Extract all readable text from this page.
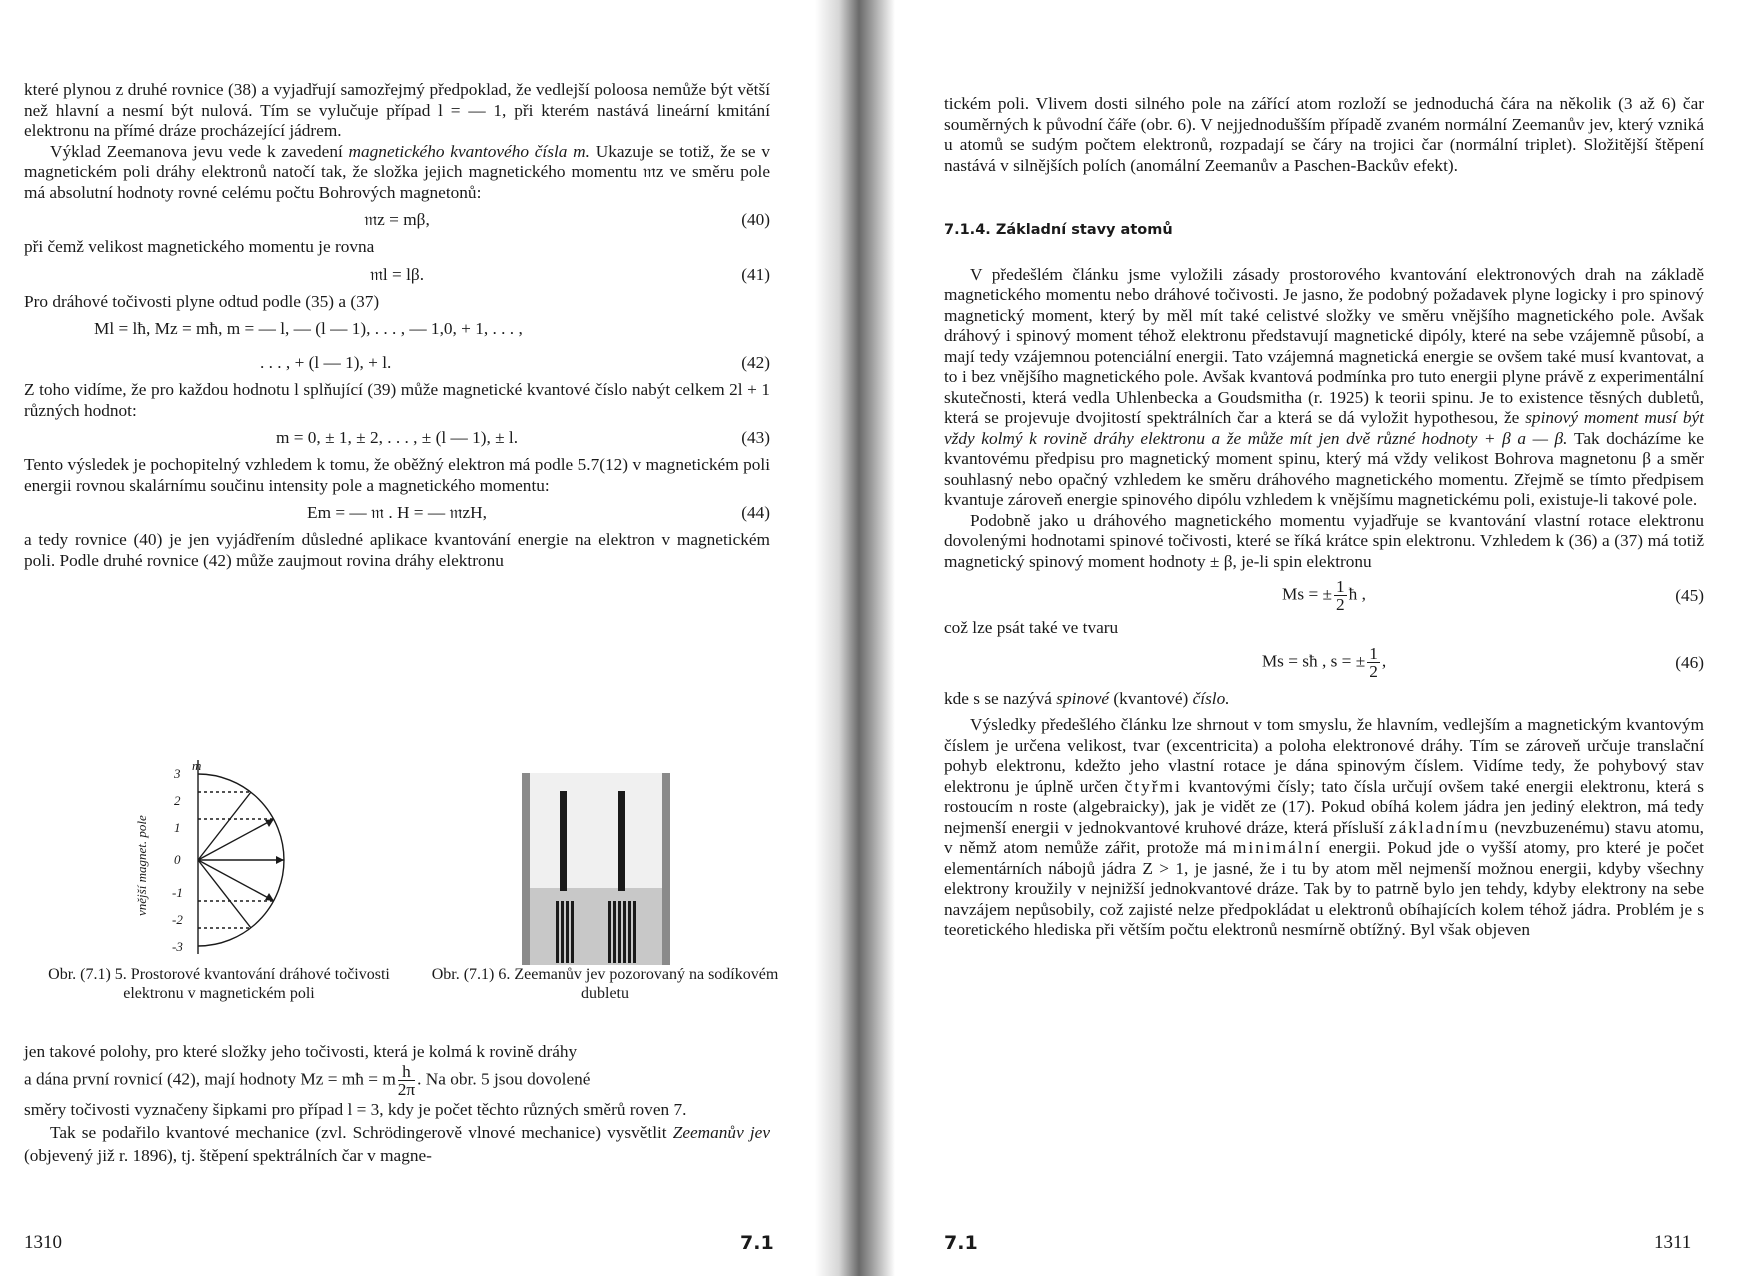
které plynou z druhé rovnice (38) a vyjadřují samozřejmý předpoklad, že vedlejší poloosa nemůže být větší než hlavní a nesmí být nulová. Tím se vylučuje případ l = — 1, při kterém nastává lineární kmitání elektronu na přímé dráze procházející jádrem.

Výklad Zeemanova jevu vede k zavedení magnetického kvantového čísla m. Ukazuje se totiž, že se v magnetickém poli dráhy elektronů natočí tak, že složka jejich magnetického momentu 𝔪z ve směru pole má absolutní hodnoty rovné celému počtu Bohrových magnetonů:

𝔪z = mβ,	(40)

při čemž velikost magnetického momentu je rovna

𝔪l = lβ.	(41)

Pro dráhové točivosti plyne odtud podle (35) a (37)

Ml = lħ, Mz = mħ, m = — l, — (l — 1), . . . , — 1,0, + 1, . . . ,
. . . , + (l — 1), + l.	(42)

Z toho vidíme, že pro každou hodnotu l splňující (39) může magnetické kvantové číslo nabýt celkem 2l + 1 různých hodnot:

m = 0, ± 1, ± 2, . . . , ± (l — 1), ± l.	(43)

Tento výsledek je pochopitelný vzhledem k tomu, že oběžný elektron má podle 5.7(12) v magnetickém poli energii rovnou skalárnímu součinu intensity pole a magnetického momentu:

Em = — 𝔪 . H = — 𝔪zH,	(44)

a tedy rovnice (40) je jen vyjádřením důsledné aplikace kvantování energie na elektron v magnetickém poli. Podle druhé rovnice (42) může zaujmout rovina dráhy elektronu

m
3
2
1
0
-1
-2
-3
vnější magnet. pole
Obr. (7.1) 5. Prostorové kvantování dráhové točivosti elektronu v magnetickém poli
Obr. (7.1) 6. Zeemanův jev pozorovaný na sodíkovém dubletu

jen takové polohy, pro které složky jeho točivosti, která je kolmá k rovině dráhy

a dána první rovnicí (42), mají hodnoty Mz = mħ = m $\frac{h}{2\pi}$ . Na obr. 5 jsou dovolené

směry točivosti vyznačeny šipkami pro případ l = 3, kdy je počet těchto různých směrů roven 7.

Tak se podařilo kvantové mechanice (zvl. Schrödingerově vlnové mechanice) vysvětlit Zeemanův jev (objevený již r. 1896), tj. štěpení spektrálních čar v magne-

1310	7.1

tickém poli. Vlivem dosti silného pole na zářící atom rozloží se jednoduchá čára na několik (3 až 6) čar souměrných k původní čáře (obr. 6). V nejjednodušším případě zvaném normální Zeemanův jev, který vzniká u atomů se sudým počtem elektronů, rozpadají se čáry na trojici čar (normální triplet). Složitější štěpení nastává v silnějších polích (anomální Zeemanův a Paschen-Backův efekt).

7.1.4. Základní stavy atomů

V předešlém článku jsme vyložili zásady prostorového kvantování elektronových drah na základě magnetického momentu nebo dráhové točivosti. Je jasno, že podobný požadavek plyne logicky i pro spinový magnetický moment, který by měl mít také celistvé složky ve směru vnějšího magnetického pole. Avšak dráhový i spinový moment téhož elektronu představují magnetické dipóly, které na sebe vzájemně působí, a mají tedy vzájemnou potenciální energii. Tato vzájemná magnetická energie se ovšem také musí kvantovat, a to i bez vnějšího magnetického pole. Avšak kvantová podmínka pro tuto energii plyne právě z experimentální skutečnosti, která vedla Uhlenbecka a Goudsmitha (r. 1925) k teorii spinu. Je to existence těsných dubletů, která se projevuje dvojitostí spektrálních čar a která se dá vyložit hypothesou, že spinový moment musí být vždy kolmý k rovině dráhy elektronu a že může mít jen dvě různé hodnoty + β a — β. Tak docházíme ke kvantovému předpisu pro magnetický moment spinu, který má vždy velikost Bohrova magnetonu β a směr souhlasný nebo opačný vzhledem ke směru dráhového magnetického momentu. Zřejmě se tímto předpisem kvantuje zároveň energie spinového dipólu vzhledem k vnějšímu magnetickému poli, existuje-li takové pole.

Podobně jako u dráhového magnetického momentu vyjadřuje se kvantování vlastní rotace elektronu dovolenými hodnotami spinové točivosti, které se říká krátce spin elektronu. Vzhledem k (36) a (37) má totiž magnetický spinový moment hodnoty ± β, je-li spin elektronu

Ms = ± $\frac{1}{2}$ ħ ,	(45)

což lze psát také ve tvaru

Ms = sħ , s = ± $\frac{1}{2}$ ,	(46)

kde s se nazývá spinové (kvantové) číslo.

Výsledky předešlého článku lze shrnout v tom smyslu, že hlavním, vedlejším a magnetickým kvantovým číslem je určena velikost, tvar (excentricita) a poloha elektronové dráhy. Tím se zároveň určuje translační pohyb elektronu, kdežto jeho vlastní rotace je dána spinovým číslem. Vidíme tedy, že pohybový stav elektronu je úplně určen čtyřmi kvantovými čísly; tato čísla určují ovšem také energii elektronu, která s rostoucím n roste (algebraicky), jak je vidět ze (17). Pokud obíhá kolem jádra jen jediný elektron, má tedy nejmenší energii v jednokvantové kruhové dráze, která přísluší základnímu (nevzbuzenému) stavu atomu, v němž atom nemůže zářit, protože má minimální energii. Pokud jde o vyšší atomy, pro které je počet elementárních nábojů jádra Z > 1, je jasné, že i tu by atom měl nejmenší možnou energii, kdyby všechny elektrony kroužily v nejnižší jednokvantové dráze. Tak by to patrně bylo jen tehdy, kdyby elektrony na sebe navzájem nepůsobily, což zajisté nelze předpokládat u elektronů obíhajících kolem téhož jádra. Problém je s teoretického hlediska při větším počtu elektronů nesmírně obtížný. Byl však objeven

7.1	1311
